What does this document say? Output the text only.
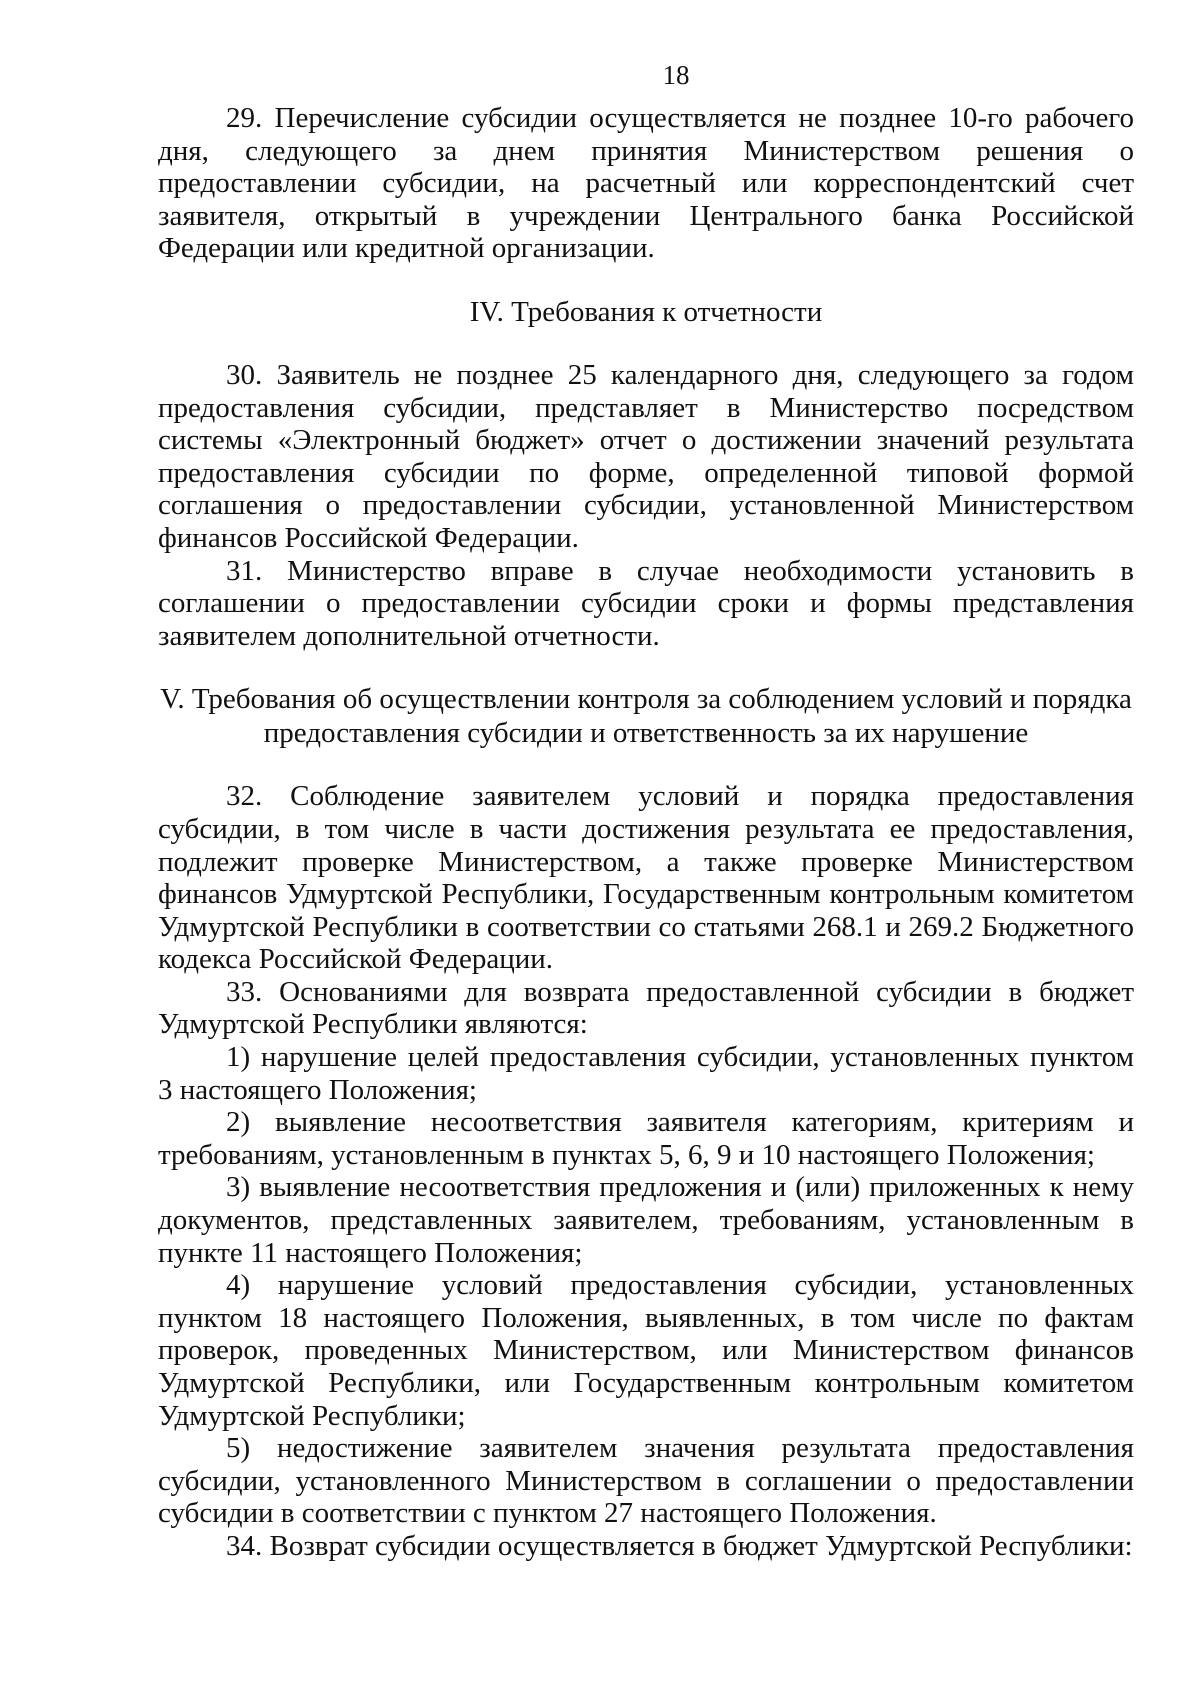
18

29. Перечисление субсидии осуществляется не позднее 10-го рабочего дня, следующего за днем принятия Министерством решения о предоставлении субсидии, на расчетный или корреспондентский счет заявителя, открытый в учреждении Центрального банка Российской Федерации или кредитной организации.

IV. Требования к отчетности

30. Заявитель не позднее 25 календарного дня, следующего за годом предоставления субсидии, представляет в Министерство посредством системы «Электронный бюджет» отчет о достижении значений результата предоставления субсидии по форме, определенной типовой формой соглашения о предоставлении субсидии, установленной Министерством финансов Российской Федерации.

31. Министерство вправе в случае необходимости установить в соглашении о предоставлении субсидии сроки и формы представления заявителем дополнительной отчетности.

V. Требования об осуществлении контроля за соблюдением условий и порядка

предоставления субсидии и ответственность за их нарушение

32. Соблюдение заявителем условий и порядка предоставления субсидии, в том числе в части достижения результата ее предоставления, подлежит проверке Министерством, а также проверке Министерством финансов Удмуртской Республики, Государственным контрольным комитетом Удмуртской Республики в соответствии со статьями 268.1 и 269.2 Бюджетного кодекса Российской Федерации.

33. Основаниями для возврата предоставленной субсидии в бюджет Удмуртской Республики являются:

1) нарушение целей предоставления субсидии, установленных пунктом 3 настоящего Положения;

2) выявление несоответствия заявителя категориям, критериям и требованиям, установленным в пунктах 5, 6, 9 и 10 настоящего Положения;

3) выявление несоответствия предложения и (или) приложенных к нему документов, представленных заявителем, требованиям, установленным в пункте 11 настоящего Положения;

4) нарушение условий предоставления субсидии, установленных пунктом 18 настоящего Положения, выявленных, в том числе по фактам проверок, проведенных Министерством, или Министерством финансов Удмуртской Республики, или Государственным контрольным комитетом Удмуртской Республики;

5) недостижение заявителем значения результата предоставления субсидии, установленного Министерством в соглашении о предоставлении субсидии в соответствии с пунктом 27 настоящего Положения.

34. Возврат субсидии осуществляется в бюджет Удмуртской Республики:
